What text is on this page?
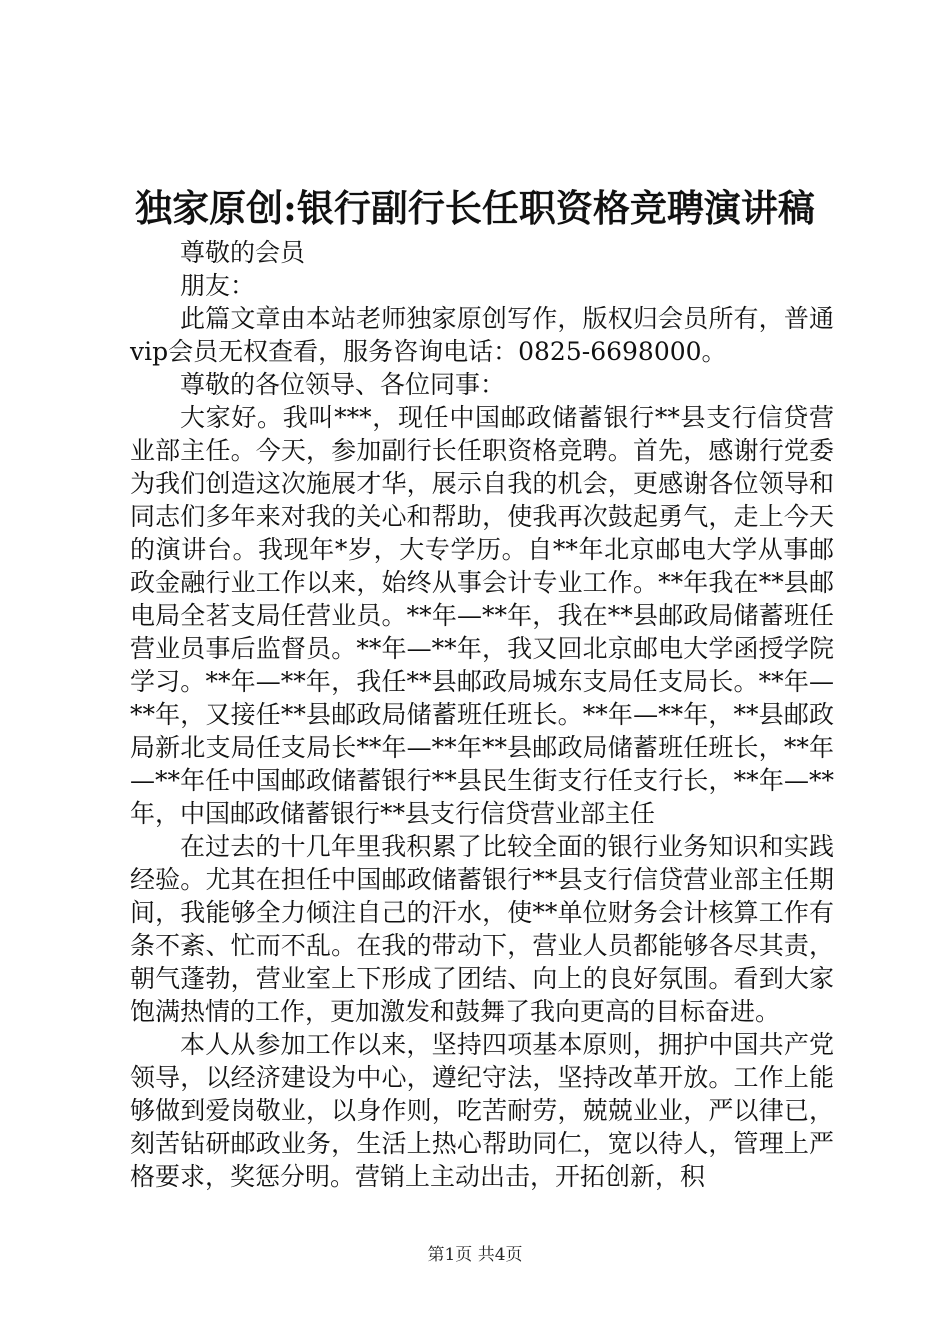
独家原创:银行副行长任职资格竞聘演讲稿

尊敬的会员

朋友：

此篇文章由本站老师独家原创写作，版权归会员所有，普通vip会员无权查看，服务咨询电话：0825-6698000。

尊敬的各位领导、各位同事：

大家好。我叫***，现任中国邮政储蓄银行**县支行信贷营业部主任。今天，参加副行长任职资格竞聘。首先，感谢行党委为我们创造这次施展才华，展示自我的机会，更感谢各位领导和同志们多年来对我的关心和帮助，使我再次鼓起勇气，走上今天的演讲台。我现年*岁，大专学历。自**年北京邮电大学从事邮政金融行业工作以来，始终从事会计专业工作。**年我在**县邮电局全茗支局任营业员。**年—**年，我在**县邮政局储蓄班任营业员事后监督员。**年—**年，我又回北京邮电大学函授学院学习。**年—**年，我任**县邮政局城东支局任支局长。**年—**年，又接任**县邮政局储蓄班任班长。**年—**年，**县邮政局新北支局任支局长**年—**年**县邮政局储蓄班任班长，**年—**年任中国邮政储蓄银行**县民生街支行任支行长，**年—**年，中国邮政储蓄银行**县支行信贷营业部主任

在过去的十几年里我积累了比较全面的银行业务知识和实践经验。尤其在担任中国邮政储蓄银行**县支行信贷营业部主任期间，我能够全力倾注自己的汗水，使**单位财务会计核算工作有条不紊、忙而不乱。在我的带动下，营业人员都能够各尽其责，朝气蓬勃，营业室上下形成了团结、向上的良好氛围。看到大家饱满热情的工作，更加激发和鼓舞了我向更高的目标奋进。

本人从参加工作以来，坚持四项基本原则，拥护中国共产党领导，以经济建设为中心，遵纪守法，坚持改革开放。工作上能够做到爱岗敬业，以身作则，吃苦耐劳，兢兢业业，严以律已，刻苦钻研邮政业务，生活上热心帮助同仁，宽以待人，管理上严格要求，奖惩分明。营销上主动出击，开拓创新，积

第1页 共4页
